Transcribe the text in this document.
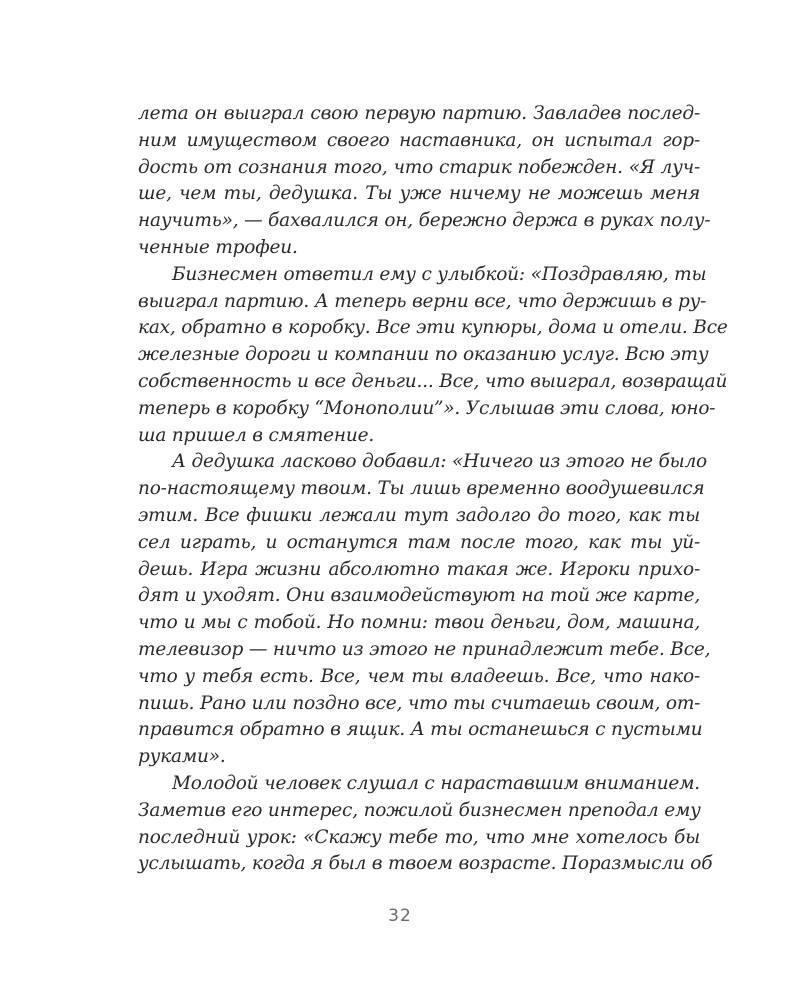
лета он выиграл свою первую партию. Завладев послед-
ним имуществом своего наставника, он испытал гор-
дость от сознания того, что старик побежден. «Я луч-
ше, чем ты, дедушка. Ты уже ничему не можешь меня
научить», — бахвалился он, бережно держа в руках полу-
ченные трофеи.
Бизнесмен ответил ему с улыбкой: «Поздравляю, ты
выиграл партию. А теперь верни все, что держишь в ру-
ках, обратно в коробку. Все эти купюры, дома и отели. Все
железные дороги и компании по оказанию услуг. Всю эту
собственность и все деньги... Все, что выиграл, возвращай
теперь в коробку “Монополии”». Услышав эти слова, юно-
ша пришел в смятение.
А дедушка ласково добавил: «Ничего из этого не было
по-настоящему твоим. Ты лишь временно воодушевился
этим. Все фишки лежали тут задолго до того, как ты
сел играть, и останутся там после того, как ты уй-
дешь. Игра жизни абсолютно такая же. Игроки прихо-
дят и уходят. Они взаимодействуют на той же карте,
что и мы с тобой. Но помни: твои деньги, дом, машина,
телевизор — ничто из этого не принадлежит тебе. Все,
что у тебя есть. Все, чем ты владеешь. Все, что нако-
пишь. Рано или поздно все, что ты считаешь своим, от-
правится обратно в ящик. А ты останешься с пустыми
руками».
Молодой человек слушал с нараставшим вниманием.
Заметив его интерес, пожилой бизнесмен преподал ему
последний урок: «Скажу тебе то, что мне хотелось бы
услышать, когда я был в твоем возрасте. Поразмысли об
32
